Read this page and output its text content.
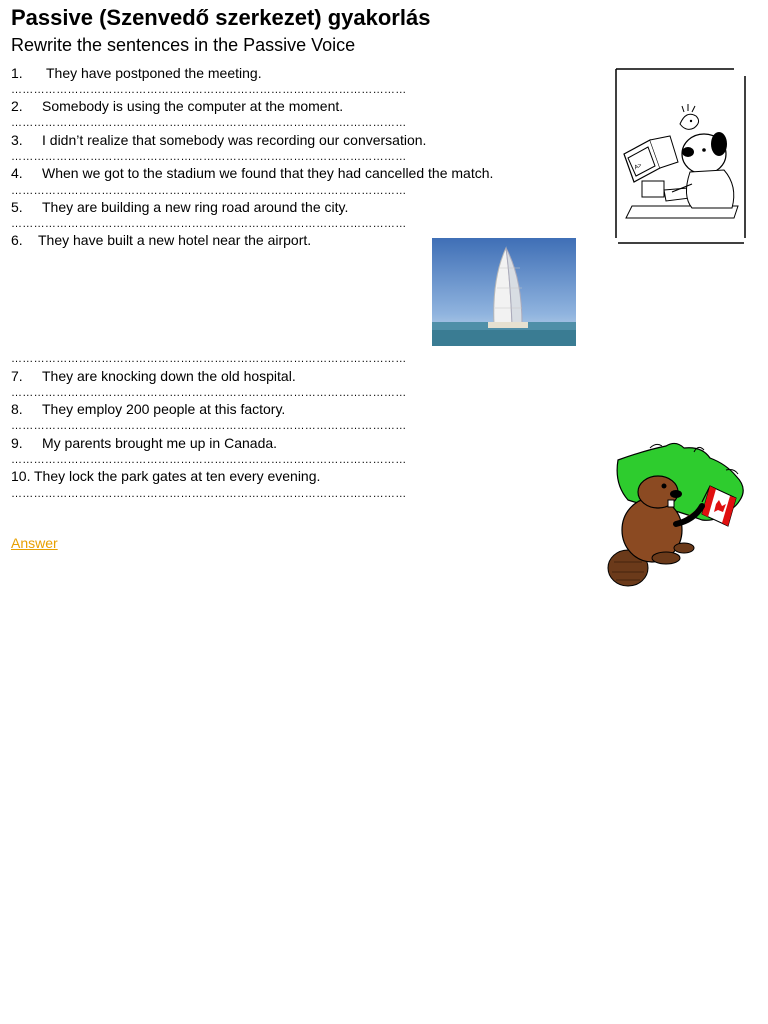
Passive (Szenvedő szerkezet) gyakorlás
Rewrite the sentences in the Passive Voice
1. They have postponed the meeting.
……………………………………………………………………………………………
2. Somebody is using the computer at the moment.
……………………………………………………………………………………………
3. I didn’t realize that somebody was recording our conversation.
……………………………………………………………………………………………
4. When we got to the stadium we found that they had cancelled the match.
……………………………………………………………………………………………
5. They are building a new ring road around the city.
……………………………………………………………………………………………
6. They have built a new hotel near the airport.
……………………………………………………………………………………………
7. They are knocking down the old hospital.
……………………………………………………………………………………………
8. They employ 200 people at this factory.
……………………………………………………………………………………………
9. My parents brought me up in Canada.
……………………………………………………………………………………………
10. They lock the park gates at ten every evening.
……………………………………………………………………………………………
Answer
A>
